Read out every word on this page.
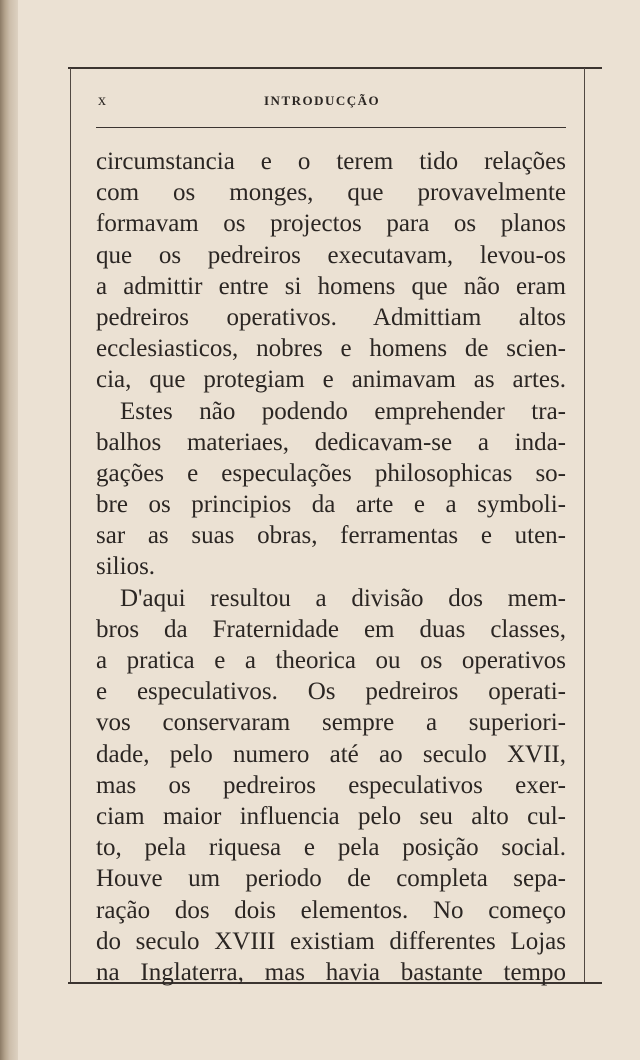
x	INTRODUCÇÃO
circumstancia e o terem tido relações
com os monges, que provavelmente
formavam os projectos para os planos
que os pedreiros executavam, levou-os
a admittir entre si homens que não eram
pedreiros operativos. Admittiam altos
ecclesiasticos, nobres e homens de scien-
cia, que protegiam e animavam as artes.
Estes não podendo emprehender tra-
balhos materiaes, dedicavam-se a inda-
gações e especulações philosophicas so-
bre os principios da arte e a symboli-
sar as suas obras, ferramentas e uten-
silios.
D'aqui resultou a divisão dos mem-
bros da Fraternidade em duas classes,
a pratica e a theorica ou os operativos
e especulativos. Os pedreiros operati-
vos conservaram sempre a superiori-
dade, pelo numero até ao seculo XVII,
mas os pedreiros especulativos exer-
ciam maior influencia pelo seu alto cul-
to, pela riquesa e pela posição social.
Houve um periodo de completa sepa-
ração dos dois elementos. No começo
do seculo XVIII existiam differentes Lojas
na Inglaterra, mas havia bastante tempo
